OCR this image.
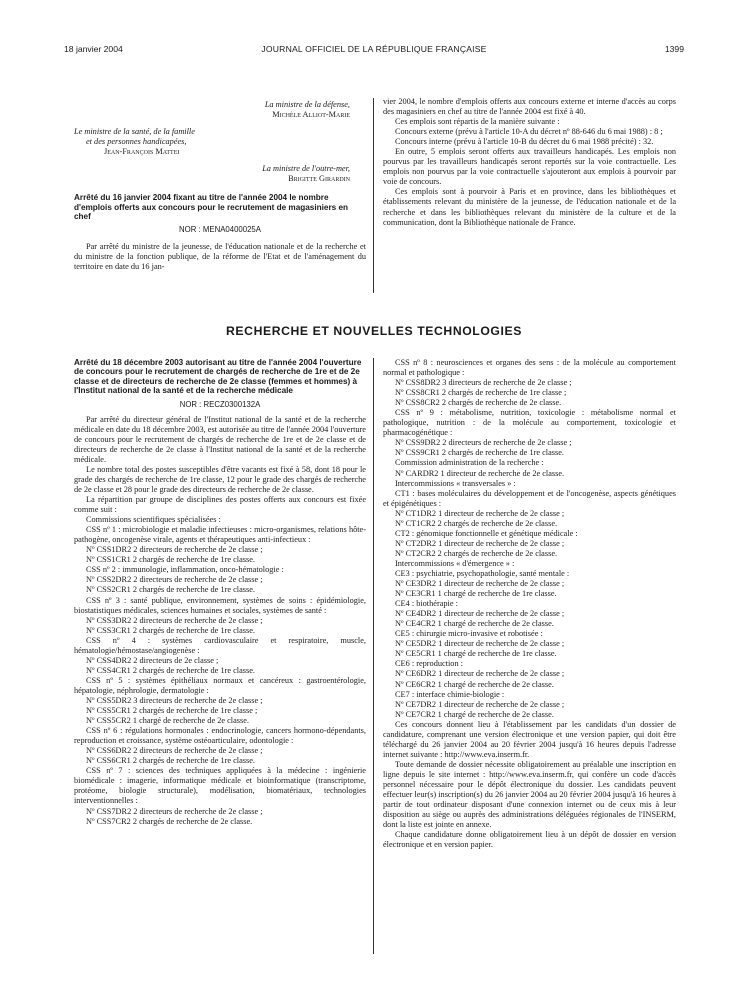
18 janvier 2004	JOURNAL OFFICIEL DE LA RÉPUBLIQUE FRANÇAISE	1399

La ministre de la défense,

Michèle Alliot-Marie

Le ministre de la santé, de la famille

et des personnes handicapées,

Jean-François Mattei

La ministre de l'outre-mer,

Brigitte Girardin

Arrêté du 16 janvier 2004 fixant au titre de l'année 2004 le nombre d'emplois offerts aux concours pour le recrutement de magasiniers en chef

NOR : MENA0400025A

Par arrêté du ministre de la jeunesse, de l'éducation nationale et de la recherche et du ministre de la fonction publique, de la réforme de l'Etat et de l'aménagement du territoire en date du 16 jan-

vier 2004, le nombre d'emplois offerts aux concours externe et interne d'accès au corps des magasiniers en chef au titre de l'année 2004 est fixé à 40.

Ces emplois sont répartis de la manière suivante :

Concours externe (prévu à l'article 10-A du décret nº 88-646 du 6 mai 1988) : 8 ;

Concours interne (prévu à l'article 10-B du décret du 6 mai 1988 précité) : 32.

En outre, 5 emplois seront offerts aux travailleurs handicapés. Les emplois non pourvus par les travailleurs handicapés seront reportés sur la voie contractuelle. Les emplois non pourvus par la voie contractuelle s'ajouteront aux emplois à pourvoir par voie de concours.

Ces emplois sont à pourvoir à Paris et en province, dans les bibliothèques et établissements relevant du ministère de la jeunesse, de l'éducation nationale et de la recherche et dans les bibliothèques relevant du ministère de la culture et de la communication, dont la Bibliothèque nationale de France.

RECHERCHE ET NOUVELLES TECHNOLOGIES

Arrêté du 18 décembre 2003 autorisant au titre de l'année 2004 l'ouverture de concours pour le recrutement de chargés de recherche de 1re et de 2e classe et de directeurs de recherche de 2e classe (femmes et hommes) à l'Institut national de la santé et de la recherche médicale

NOR : RECZ0300132A

Par arrêté du directeur général de l'Institut national de la santé et de la recherche médicale en date du 18 décembre 2003, est autorisée au titre de l'année 2004 l'ouverture de concours pour le recrutement de chargés de recherche de 1re et de 2e classe et de directeurs de recherche de 2e classe à l'Institut national de la santé et de la recherche médicale.

Le nombre total des postes susceptibles d'être vacants est fixé à 58, dont 18 pour le grade des chargés de recherche de 1re classe, 12 pour le grade des chargés de recherche de 2e classe et 28 pour le grade des directeurs de recherche de 2e classe.

La répartition par groupe de disciplines des postes offerts aux concours est fixée comme suit :

Commissions scientifiques spécialisées :

CSS nº 1 : microbiologie et maladie infectieuses : micro-organismes, relations hôte-pathogène, oncogenèse virale, agents et thérapeutiques anti-infectieux :

Nº CSS1DR2 2 directeurs de recherche de 2e classe ;

Nº CSS1CR1 2 chargés de recherche de 1re classe.

CSS nº 2 : immunologie, inflammation, onco-hématologie :

Nº CSS2DR2 2 directeurs de recherche de 2e classe ;

Nº CSS2CR1 2 chargés de recherche de 1re classe.

CSS nº 3 : santé publique, environnement, systèmes de soins : épidémiologie, biostatistiques médicales, sciences humaines et sociales, systèmes de santé :

Nº CSS3DR2 2 directeurs de recherche de 2e classe ;

Nº CSS3CR1 2 chargés de recherche de 1re classe.

CSS nº 4 : systèmes cardiovasculaire et respiratoire, muscle, hématologie/hémostase/angiogenèse :

Nº CSS4DR2 2 directeurs de 2e classe ;

Nº CSS4CR1 2 chargés de recherche de 1re classe.

CSS nº 5 : systèmes épithéliaux normaux et cancéreux : gastroentérologie, hépatologie, néphrologie, dermatologie :

Nº CSS5DR2 3 directeurs de recherche de 2e classe ;

Nº CSS5CR1 2 chargés de recherche de 1re classe ;

Nº CSS5CR2 1 chargé de recherche de 2e classe.

CSS nº 6 : régulations hormonales : endocrinologie, cancers hormono-dépendants, reproduction et croissance, système ostéoarticulaire, odontologie :

Nº CSS6DR2 2 directeurs de recherche de 2e classe ;

Nº CSS6CR1 2 chargés de recherche de 1re classe.

CSS nº 7 : sciences des techniques appliquées à la médecine : ingénierie biomédicale : imagerie, informatique médicale et bioinformatique (transcriptome, protéome, biologie structurale), modélisation, biomatériaux, technologies interventionnelles :

Nº CSS7DR2 2 directeurs de recherche de 2e classe ;

Nº CSS7CR2 2 chargés de recherche de 2e classe.

CSS nº 8 : neurosciences et organes des sens : de la molécule au comportement normal et pathologique :

Nº CSS8DR2 3 directeurs de recherche de 2e classe ;

Nº CSS8CR1 2 chargés de recherche de 1re classe ;

Nº CSS8CR2 2 chargés de recherche de 2e classe.

CSS nº 9 : métabolisme, nutrition, toxicologie : métabolisme normal et pathologique, nutrition : de la molécule au comportement, toxicologie et pharmacogénétique :

Nº CSS9DR2 2 directeurs de recherche de 2e classe ;

Nº CSS9CR1 2 chargés de recherche de 1re classe.

Commission administration de la recherche :

Nº CARDR2 1 directeur de recherche de 2e classe.

Intercommissions « transversales » :

CT1 : bases moléculaires du développement et de l'oncogenèse, aspects génétiques et épigénétiques :

Nº CT1DR2 1 directeur de recherche de 2e classe ;

Nº CT1CR2 2 chargés de recherche de 2e classe.

CT2 : génomique fonctionnelle et génétique médicale :

Nº CT2DR2 1 directeur de recherche de 2e classe ;

Nº CT2CR2 2 chargés de recherche de 2e classe.

Intercommissions « d'émergence » :

CE3 : psychiatrie, psychopathologie, santé mentale :

Nº CE3DR2 1 directeur de recherche de 2e classe ;

Nº CE3CR1 1 chargé de recherche de 1re classe.

CE4 : biothérapie :

Nº CE4DR2 1 directeur de recherche de 2e classe ;

Nº CE4CR2 1 chargé de recherche de 2e classe.

CE5 : chirurgie micro-invasive et robotisée :

Nº CE5DR2 1 directeur de recherche de 2e classe ;

Nº CE5CR1 1 chargé de recherche de 1re classe.

CE6 : reproduction :

Nº CE6DR2 1 directeur de recherche de 2e classe ;

Nº CE6CR2 1 chargé de recherche de 2e classe.

CE7 : interface chimie-biologie :

Nº CE7DR2 1 directeur de recherche de 2e classe ;

Nº CE7CR2 1 chargé de recherche de 2e classe.

Ces concours donnent lieu à l'établissement par les candidats d'un dossier de candidature, comprenant une version électronique et une version papier, qui doit être téléchargé du 26 janvier 2004 au 20 février 2004 jusqu'à 16 heures depuis l'adresse internet suivante : http://www.eva.inserm.fr.

Toute demande de dossier nécessite obligatoirement au préalable une inscription en ligne depuis le site internet : http://www.eva.inserm.fr, qui confère un code d'accès personnel nécessaire pour le dépôt électronique du dossier. Les candidats peuvent effectuer leur(s) inscription(s) du 26 janvier 2004 au 20 février 2004 jusqu'à 16 heures à partir de tout ordinateur disposant d'une connexion internet ou de ceux mis à leur disposition au siège ou auprès des administrations déléguées régionales de l'INSERM, dont la liste est jointe en annexe.

Chaque candidature donne obligatoirement lieu à un dépôt de dossier en version électronique et en version papier.
